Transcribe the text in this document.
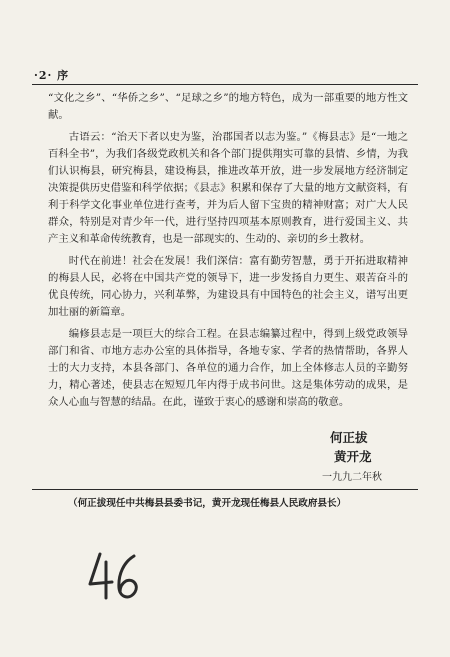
·2· 序

“文化之乡”、“华侨之乡”、“足球之乡”的地方特色，成为一部重要的地方性文献。

古语云：“治天下者以史为鉴，治郡国者以志为鉴。”《梅县志》是“一地之百科全书”，为我们各级党政机关和各个部门提供翔实可靠的县情、乡情，为我们认识梅县，研究梅县，建设梅县，推进改革开放，进一步发展地方经济制定决策提供历史借鉴和科学依据；《县志》积累和保存了大量的地方文献资料，有利于科学文化事业单位进行查考，并为后人留下宝贵的精神财富；对广大人民群众，特别是对青少年一代，进行坚持四项基本原则教育，进行爱国主义、共产主义和革命传统教育，也是一部现实的、生动的、亲切的乡土教材。

时代在前进！社会在发展！我们深信：富有勤劳智慧，勇于开拓进取精神的梅县人民，必将在中国共产党的领导下，进一步发扬自力更生、艰苦奋斗的优良传统，同心协力，兴利革弊，为建设具有中国特色的社会主义，谱写出更加壮丽的新篇章。

编修县志是一项巨大的综合工程。在县志编纂过程中，得到上级党政领导部门和省、市地方志办公室的具体指导，各地专家、学者的热情帮助，各界人士的大力支持，本县各部门、各单位的通力合作，加上全体修志人员的辛勤努力，精心著述，使县志在短短几年内得于成书问世。这是集体劳动的成果，是众人心血与智慧的结晶。在此，谨致于衷心的感谢和崇高的敬意。

何正拔
黄开龙
一九九二年秋
（何正拔现任中共梅县县委书记，黄开龙现任梅县人民政府县长）
